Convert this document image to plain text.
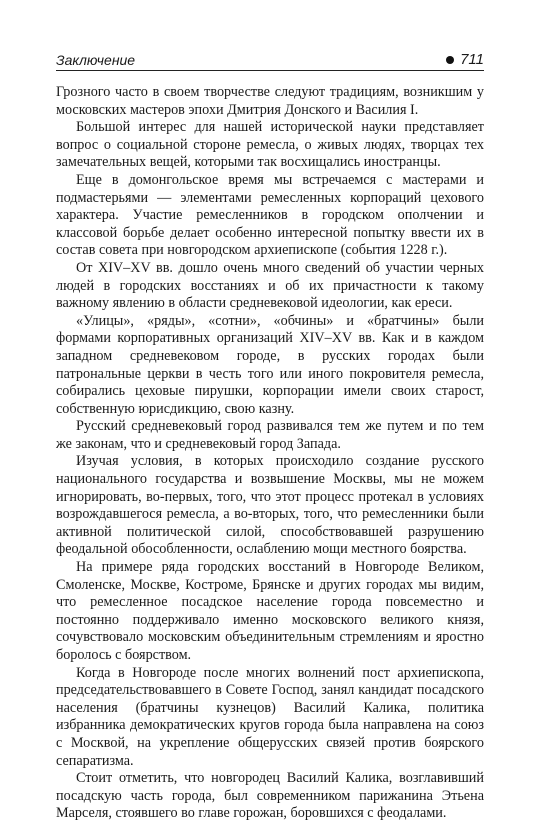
Заключение	711

Грозного часто в своем творчестве следуют традициям, возникшим у московских мастеров эпохи Дмитрия Донского и Василия I.

Большой интерес для нашей исторической науки представляет вопрос о социальной стороне ремесла, о живых людях, творцах тех замечательных вещей, которыми так восхищались иностранцы.

Еще в домонгольское время мы встречаемся с мастерами и подмастерьями — элементами ремесленных корпораций цехового характера. Участие ремесленников в городском ополчении и классовой борьбе делает особенно интересной попытку ввести их в состав совета при новгородском архиепископе (события 1228 г.).

От XIV–XV вв. дошло очень много сведений об участии черных людей в городских восстаниях и об их причастности к такому важному явлению в области средневековой идеологии, как ереси.

«Улицы», «ряды», «сотни», «обчины» и «братчины» были формами корпоративных организаций XIV–XV вв. Как и в каждом западном средневековом городе, в русских городах были патрональные церкви в честь того или иного покровителя ремесла, собирались цеховые пирушки, корпорации имели своих старост, собственную юрисдикцию, свою казну.

Русский средневековый город развивался тем же путем и по тем же законам, что и средневековый город Запада.

Изучая условия, в которых происходило создание русского национального государства и возвышение Москвы, мы не можем игнорировать, во-первых, того, что этот процесс протекал в условиях возрождавшегося ремесла, а во-вторых, того, что ремесленники были активной политической силой, способствовавшей разрушению феодальной обособленности, ослаблению мощи местного боярства.

На примере ряда городских восстаний в Новгороде Великом, Смоленске, Москве, Костроме, Брянске и других городах мы видим, что ремесленное посадское население города повсеместно и постоянно поддерживало именно московского великого князя, сочувствовало московским объединительным стремлениям и яростно боролось с боярством.

Когда в Новгороде после многих волнений пост архиепископа, председательствовавшего в Совете Господ, занял кандидат посадского населения (братчины кузнецов) Василий Калика, политика избранника демократических кругов города была направлена на союз с Москвой, на укрепление общерусских связей против боярского сепаратизма.

Стоит отметить, что новгородец Василий Калика, возглавивший посадскую часть города, был современником парижанина Этьена Марселя, стоявшего во главе горожан, боровшихся с феодалами.
